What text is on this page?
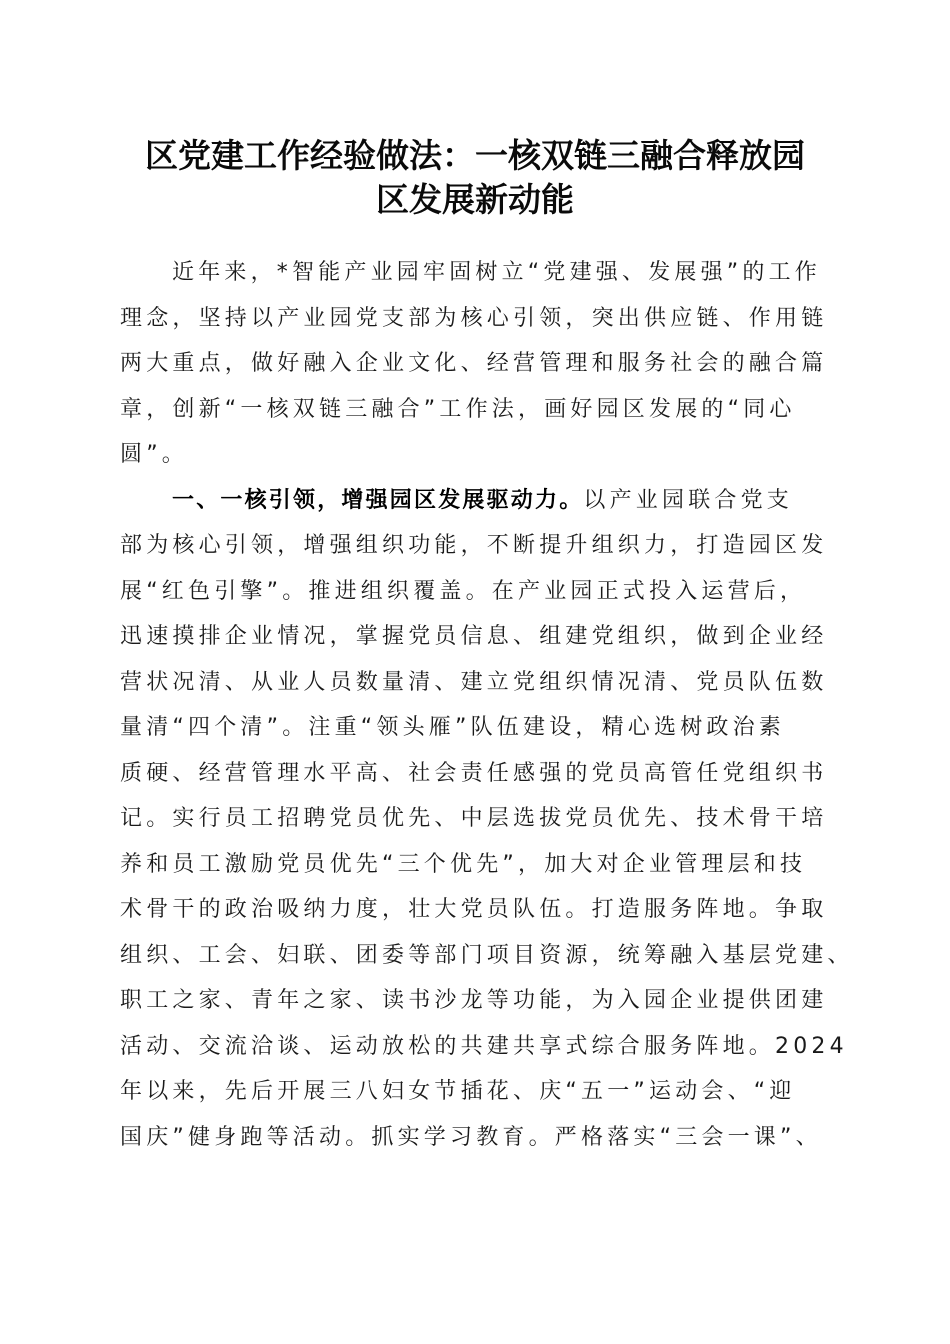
区党建工作经验做法：一核双链三融合释放园
区发展新动能
近年来，*智能产业园牢固树立“党建强、发展强”的工作
理念，坚持以产业园党支部为核心引领，突出供应链、作用链
两大重点，做好融入企业文化、经营管理和服务社会的融合篇
章，创新“一核双链三融合”工作法，画好园区发展的“同心
圆”。
一、一核引领，增强园区发展驱动力。以产业园联合党支
部为核心引领，增强组织功能，不断提升组织力，打造园区发
展“红色引擎”。推进组织覆盖。在产业园正式投入运营后，
迅速摸排企业情况，掌握党员信息、组建党组织，做到企业经
营状况清、从业人员数量清、建立党组织情况清、党员队伍数
量清“四个清”。注重“领头雁”队伍建设，精心选树政治素
质硬、经营管理水平高、社会责任感强的党员高管任党组织书
记。实行员工招聘党员优先、中层选拔党员优先、技术骨干培
养和员工激励党员优先“三个优先”，加大对企业管理层和技
术骨干的政治吸纳力度，壮大党员队伍。打造服务阵地。争取
组织、工会、妇联、团委等部门项目资源，统筹融入基层党建、
职工之家、青年之家、读书沙龙等功能，为入园企业提供团建
活动、交流洽谈、运动放松的共建共享式综合服务阵地。2024
年以来，先后开展三八妇女节插花、庆“五一”运动会、“迎
国庆”健身跑等活动。抓实学习教育。严格落实“三会一课”、
